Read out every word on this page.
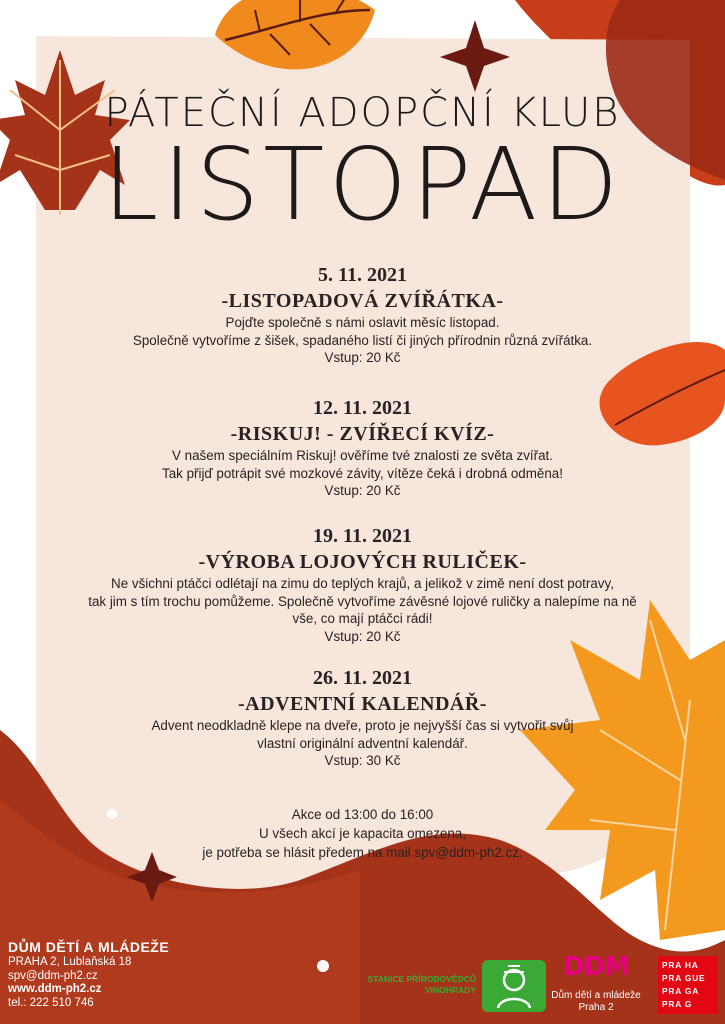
PÁTEČNÍ ADOPČNÍ KLUB
LISTOPAD
5. 11. 2021
-LISTOPADOVÁ ZVÍŘÁTKA-
Pojďte společně s námi oslavit měsíc listopad.
Společně vytvoříme z šišek, spadaného listí či jiných přírodnin různá zvířátka.
Vstup: 20 Kč
12. 11. 2021
-RISKUJ! - ZVÍŘECÍ KVÍZ-
V našem speciálním Riskuj! ověříme tvé znalosti ze světa zvířat.
Tak přijď potrápit své mozkové závity, vítěze čeká i drobná odměna!
Vstup: 20 Kč
19. 11. 2021
-VÝROBA LOJOVÝCH RULIČEK-
Ne všichni ptáčci odlétají na zimu do teplých krajů, a jelikož v zimě není dost potravy,
tak jim s tím trochu pomůžeme. Společně vytvoříme závěsné lojové ruličky a nalepíme na ně
vše, co mají ptáčci rádi!
Vstup: 20 Kč
26. 11. 2021
-ADVENTNÍ KALENDÁŘ-
Advent neodkladně klepe na dveře, proto je nejvyšší čas si vytvořit svůj
vlastní originální adventní kalendář.
Vstup: 30 Kč
Akce od 13:00 do 16:00
U všech akcí je kapacita omezena,
je potřeba se hlásit předem na mail spv@ddm-ph2.cz.
DŮM DĚTÍ A MLÁDEŽE
PRAHA 2, Lublaňská 18
spv@ddm-ph2.cz
www.ddm-ph2.cz
tel.: 222 510 746
STANICE PŘÍRODOVĚDCŮ
VINOHRADY
DDM
Dům dětí a mládeže
Praha 2
PRA HA
PRA GUE
PRA GA
PRA G
